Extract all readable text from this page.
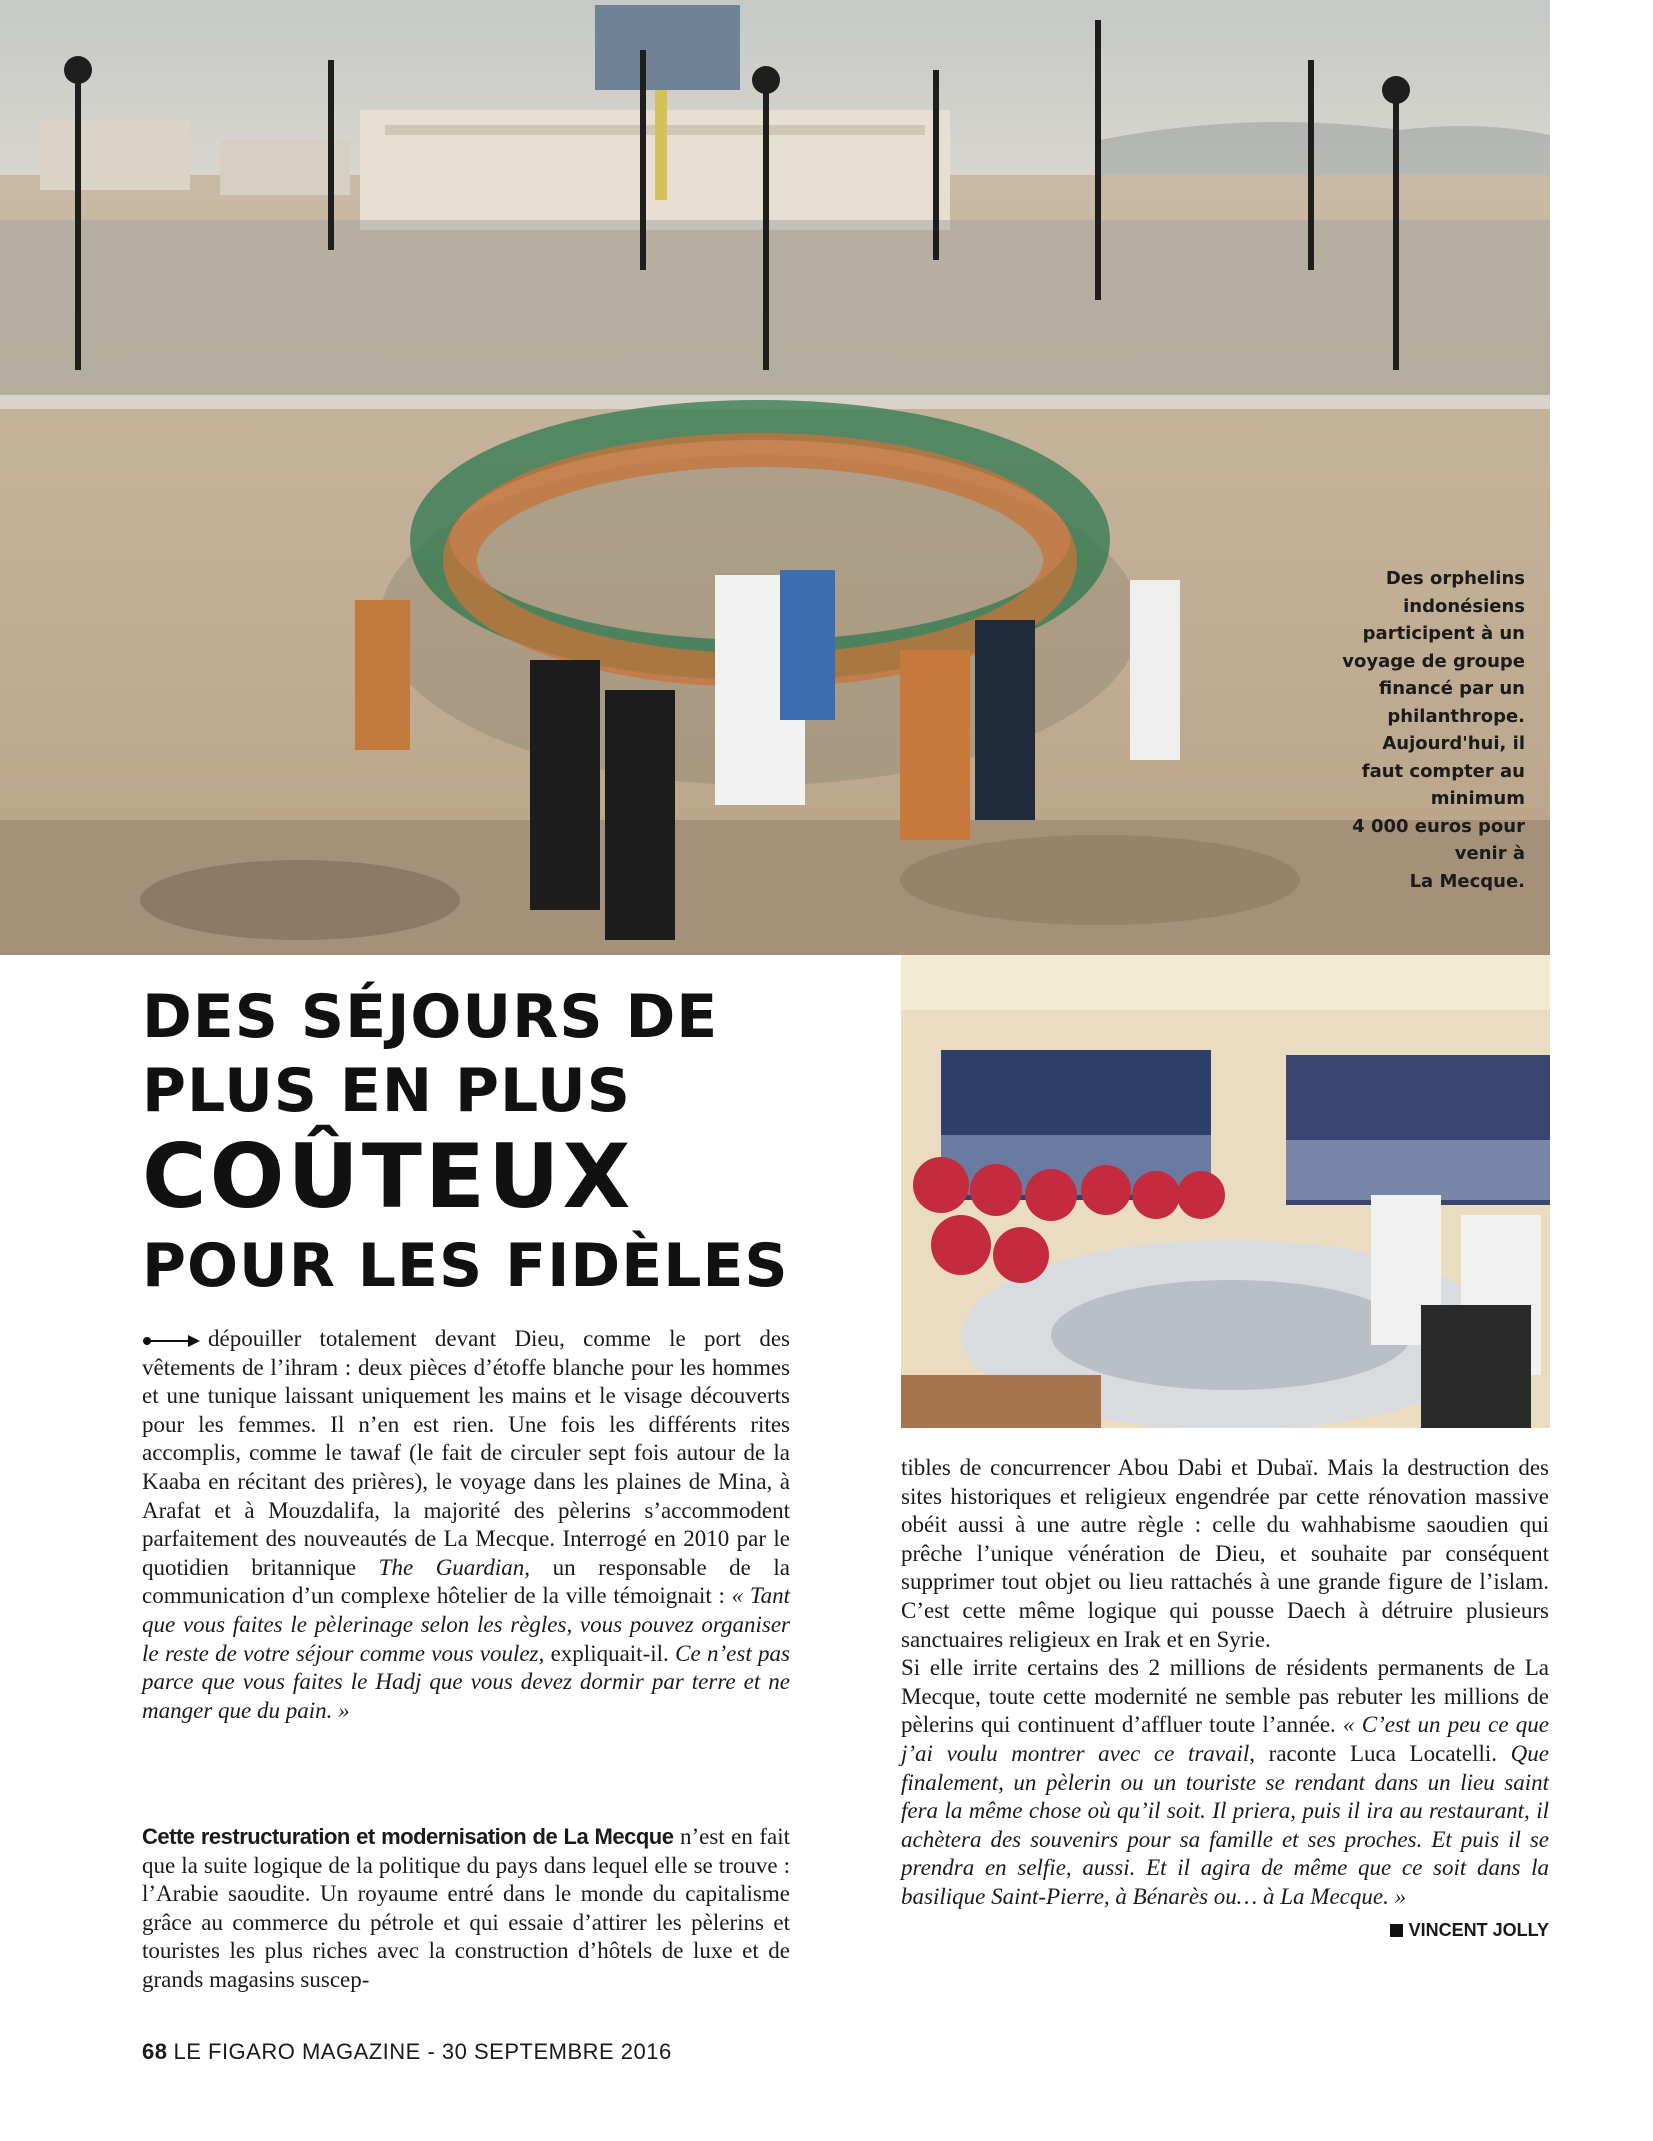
Des orphelins
indonésiens
participent à un
voyage de groupe
financé par un
philanthrope.
Aujourd'hui, il
faut compter au
minimum
4 000 euros pour
venir à
La Mecque.
DES SÉJOURS DE
PLUS EN PLUS
COÛTEUX
POUR LES FIDÈLES

dépouiller totalement devant Dieu, comme le port des vêtements de l’ihram : deux pièces d’étoffe blanche pour les hommes et une tunique laissant uniquement les mains et le visage découverts pour les femmes. Il n’en est rien. Une fois les différents rites accomplis, comme le tawaf (le fait de circuler sept fois autour de la Kaaba en récitant des prières), le voyage dans les plaines de Mina, à Arafat et à Mouzdalifa, la majorité des pèlerins s’accommodent parfaitement des nouveautés de La Mecque. Interrogé en 2010 par le quotidien britannique The Guardian, un responsable de la communication d’un complexe hôtelier de la ville témoignait : « Tant que vous faites le pèlerinage selon les règles, vous pouvez organiser le reste de votre séjour comme vous voulez, expliquait-il. Ce n’est pas parce que vous faites le Hadj que vous devez dormir par terre et ne manger que du pain. »

Cette restructuration et modernisation de La Mecque n’est en fait que la suite logique de la politique du pays dans lequel elle se trouve : l’Arabie saoudite. Un royaume entré dans le monde du capitalisme grâce au commerce du pétrole et qui essaie d’attirer les pèlerins et touristes les plus riches avec la construction d’hôtels de luxe et de grands magasins suscep-

tibles de concurrencer Abou Dabi et Dubaï. Mais la destruction des sites historiques et religieux engendrée par cette rénovation massive obéit aussi à une autre règle : celle du wahhabisme saoudien qui prêche l’unique vénération de Dieu, et souhaite par conséquent supprimer tout objet ou lieu rattachés à une grande figure de l’islam. C’est cette même logique qui pousse Daech à détruire plusieurs sanctuaires religieux en Irak et en Syrie.

Si elle irrite certains des 2 millions de résidents permanents de La Mecque, toute cette modernité ne semble pas rebuter les millions de pèlerins qui continuent d’affluer toute l’année. « C’est un peu ce que j’ai voulu montrer avec ce travail, raconte Luca Locatelli. Que finalement, un pèlerin ou un touriste se rendant dans un lieu saint fera la même chose où qu’il soit. Il priera, puis il ira au restaurant, il achètera des souvenirs pour sa famille et ses proches. Et puis il se prendra en selfie, aussi. Et il agira de même que ce soit dans la basilique Saint-Pierre, à Bénarès ou… à La Mecque. »
VINCENT JOLLY

68 LE FIGARO MAGAZINE - 30 SEPTEMBRE 2016
